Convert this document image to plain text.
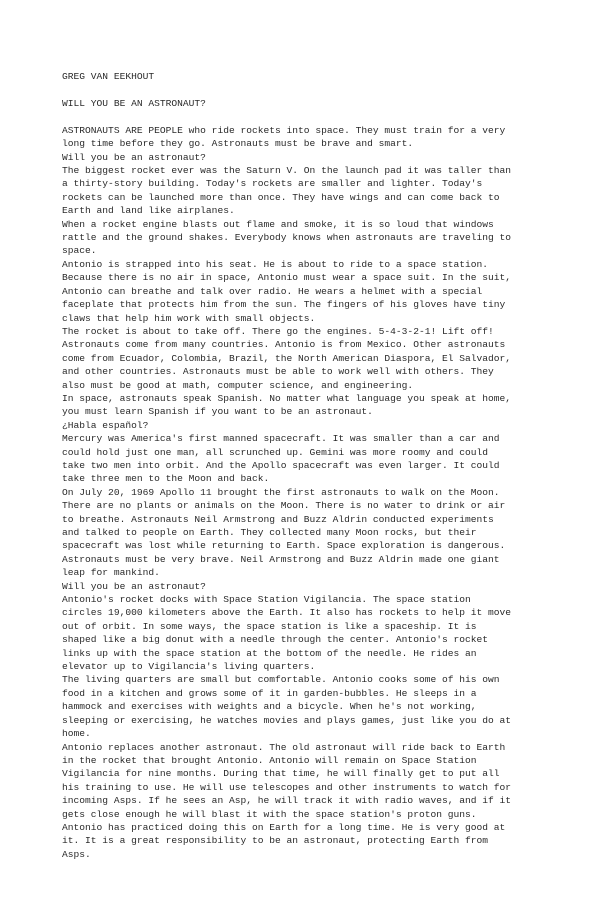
GREG VAN EEKHOUT
WILL YOU BE AN ASTRONAUT?
ASTRONAUTS ARE PEOPLE who ride rockets into space. They must train for a very
long time before they go. Astronauts must be brave and smart.
Will you be an astronaut?
The biggest rocket ever was the Saturn V. On the launch pad it was taller than
a thirty-story building. Today's rockets are smaller and lighter. Today's
rockets can be launched more than once. They have wings and can come back to
Earth and land like airplanes.
When a rocket engine blasts out flame and smoke, it is so loud that windows
rattle and the ground shakes. Everybody knows when astronauts are traveling to
space.
Antonio is strapped into his seat. He is about to ride to a space station.
Because there is no air in space, Antonio must wear a space suit. In the suit,
Antonio can breathe and talk over radio. He wears a helmet with a special
faceplate that protects him from the sun. The fingers of his gloves have tiny
claws that help him work with small objects.
The rocket is about to take off. There go the engines. 5-4-3-2-1! Lift off!
Astronauts come from many countries. Antonio is from Mexico. Other astronauts
come from Ecuador, Colombia, Brazil, the North American Diaspora, El Salvador,
and other countries. Astronauts must be able to work well with others. They
also must be good at math, computer science, and engineering.
In space, astronauts speak Spanish. No matter what language you speak at home,
you must learn Spanish if you want to be an astronaut.
¿Habla español?
Mercury was America's first manned spacecraft. It was smaller than a car and
could hold just one man, all scrunched up. Gemini was more roomy and could
take two men into orbit. And the Apollo spacecraft was even larger. It could
take three men to the Moon and back.
On July 20, 1969 Apollo 11 brought the first astronauts to walk on the Moon.
There are no plants or animals on the Moon. There is no water to drink or air
to breathe. Astronauts Neil Armstrong and Buzz Aldrin conducted experiments
and talked to people on Earth. They collected many Moon rocks, but their
spacecraft was lost while returning to Earth. Space exploration is dangerous.
Astronauts must be very brave. Neil Armstrong and Buzz Aldrin made one giant
leap for mankind.
Will you be an astronaut?
Antonio's rocket docks with Space Station Vigilancia. The space station
circles 19,000 kilometers above the Earth. It also has rockets to help it move
out of orbit. In some ways, the space station is like a spaceship. It is
shaped like a big donut with a needle through the center. Antonio's rocket
links up with the space station at the bottom of the needle. He rides an
elevator up to Vigilancia's living quarters.
The living quarters are small but comfortable. Antonio cooks some of his own
food in a kitchen and grows some of it in garden-bubbles. He sleeps in a
hammock and exercises with weights and a bicycle. When he's not working,
sleeping or exercising, he watches movies and plays games, just like you do at
home.
Antonio replaces another astronaut. The old astronaut will ride back to Earth
in the rocket that brought Antonio. Antonio will remain on Space Station
Vigilancia for nine months. During that time, he will finally get to put all
his training to use. He will use telescopes and other instruments to watch for
incoming Asps. If he sees an Asp, he will track it with radio waves, and if it
gets close enough he will blast it with the space station's proton guns.
Antonio has practiced doing this on Earth for a long time. He is very good at
it. It is a great responsibility to be an astronaut, protecting Earth from
Asps.
